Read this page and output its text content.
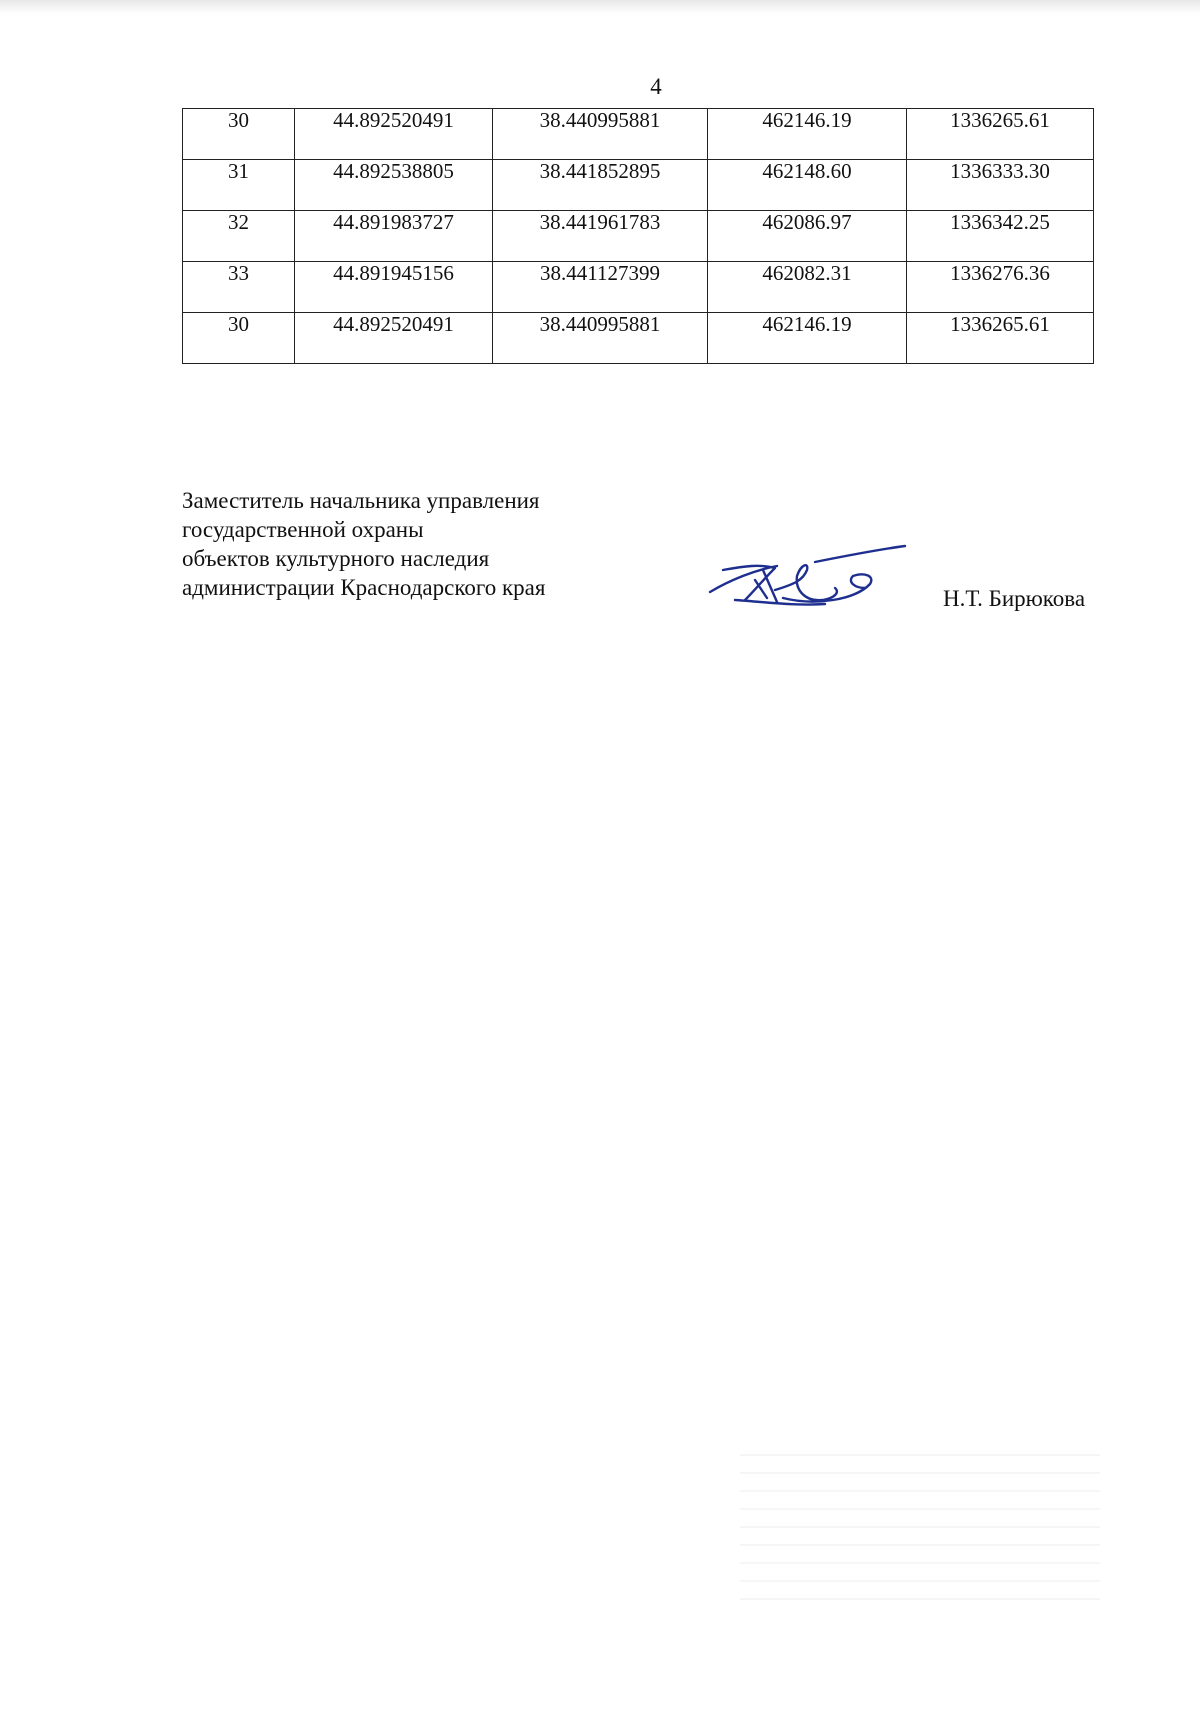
4
30	44.892520491	38.440995881	462146.19	1336265.61
31	44.892538805	38.441852895	462148.60	1336333.30
32	44.891983727	38.441961783	462086.97	1336342.25
33	44.891945156	38.441127399	462082.31	1336276.36
30	44.892520491	38.440995881	462146.19	1336265.61
Заместитель начальника управления
государственной охраны
объектов культурного наследия
администрации Краснодарского края	Н.Т. Бирюкова
